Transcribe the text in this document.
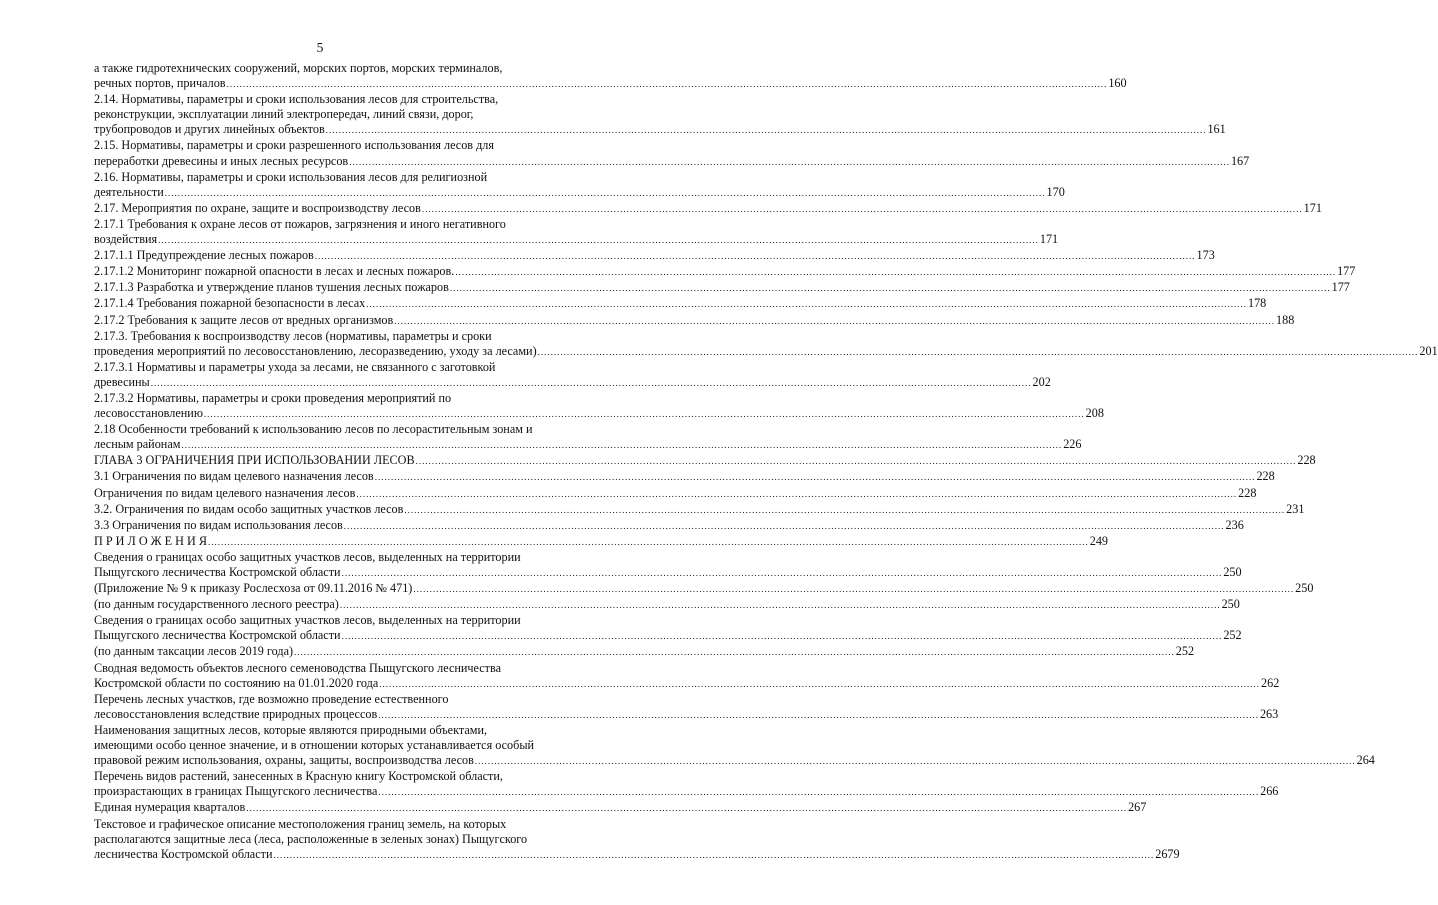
5
а также гидротехнических сооружений, морских портов, морских терминалов,
речных портов, причалов .....	160
2.14. Нормативы, параметры и сроки использования лесов для строительства,
реконструкции, эксплуатации линий электропередач, линий связи, дорог,
трубопроводов и других линейных объектов .....	161
2.15. Нормативы, параметры и сроки разрешенного использования лесов для
переработки древесины и иных лесных ресурсов .....	167
2.16. Нормативы, параметры и сроки использования лесов для религиозной
деятельности .....	170
2.17. Мероприятия по охране, защите и воспроизводству лесов .....	171
2.17.1 Требования к охране лесов от пожаров, загрязнения и иного негативного
воздействия .....	171
2.17.1.1 Предупреждение лесных пожаров .....	173
2.17.1.2 Мониторинг пожарной опасности в лесах и лесных пожаров. .....	177
2.17.1.3 Разработка и утверждение планов тушения лесных пожаров .....	177
2.17.1.4 Требования пожарной безопасности в лесах .....	178
2.17.2 Требования к защите лесов от вредных организмов .....	188
2.17.3. Требования к воспроизводству лесов (нормативы, параметры и сроки
проведения мероприятий по лесовосстановлению, лесоразведению, уходу за лесами) .....	201
2.17.3.1 Нормативы и параметры ухода за лесами, не связанного с заготовкой
древесины .....	202
2.17.3.2 Нормативы, параметры и сроки проведения мероприятий по
лесовосстановлению .....	208
2.18 Особенности требований к использованию лесов по лесорастительным зонам и
лесным районам .....	226
ГЛАВА 3 ОГРАНИЧЕНИЯ ПРИ ИСПОЛЬЗОВАНИИ ЛЕСОВ .....	228
3.1 Ограничения по видам целевого назначения лесов .....	228
Ограничения по видам целевого назначения лесов .....	228
3.2. Ограничения по видам особо защитных участков лесов .....	231
3.3 Ограничения по видам использования лесов .....	236
П Р И Л О Ж Е Н И Я .....	249
Сведения о границах особо защитных участков лесов, выделенных на территории
Пыщугского лесничества Костромской области .....	250
(Приложение № 9 к приказу Рослесхоза от 09.11.2016 № 471) .....	250
(по данным государственного лесного реестра) .....	250
Сведения о границах особо защитных участков лесов, выделенных на территории
Пыщугского лесничества Костромской области .....	252
(по данным таксации лесов 2019 года) .....	252
Сводная ведомость объектов лесного семеноводства Пыщугского лесничества
Костромской области по состоянию на 01.01.2020 года .....	262
Перечень лесных участков, где возможно проведение естественного
лесовосстановления вследствие природных процессов .....	263
Наименования защитных лесов, которые являются природными объектами,
имеющими особо ценное значение, и в отношении которых устанавливается особый
правовой режим использования, охраны, защиты, воспроизводства лесов .....	264
Перечень видов растений, занесенных в Красную книгу Костромской области,
произрастающих в границах Пыщугского лесничества .....	266
Единая нумерация кварталов .....	267
Текстовое и графическое описание местоположения границ земель, на которых
располагаются защитные леса (леса, расположенные в зеленых зонах) Пыщугского
лесничества Костромской области .....	2679
